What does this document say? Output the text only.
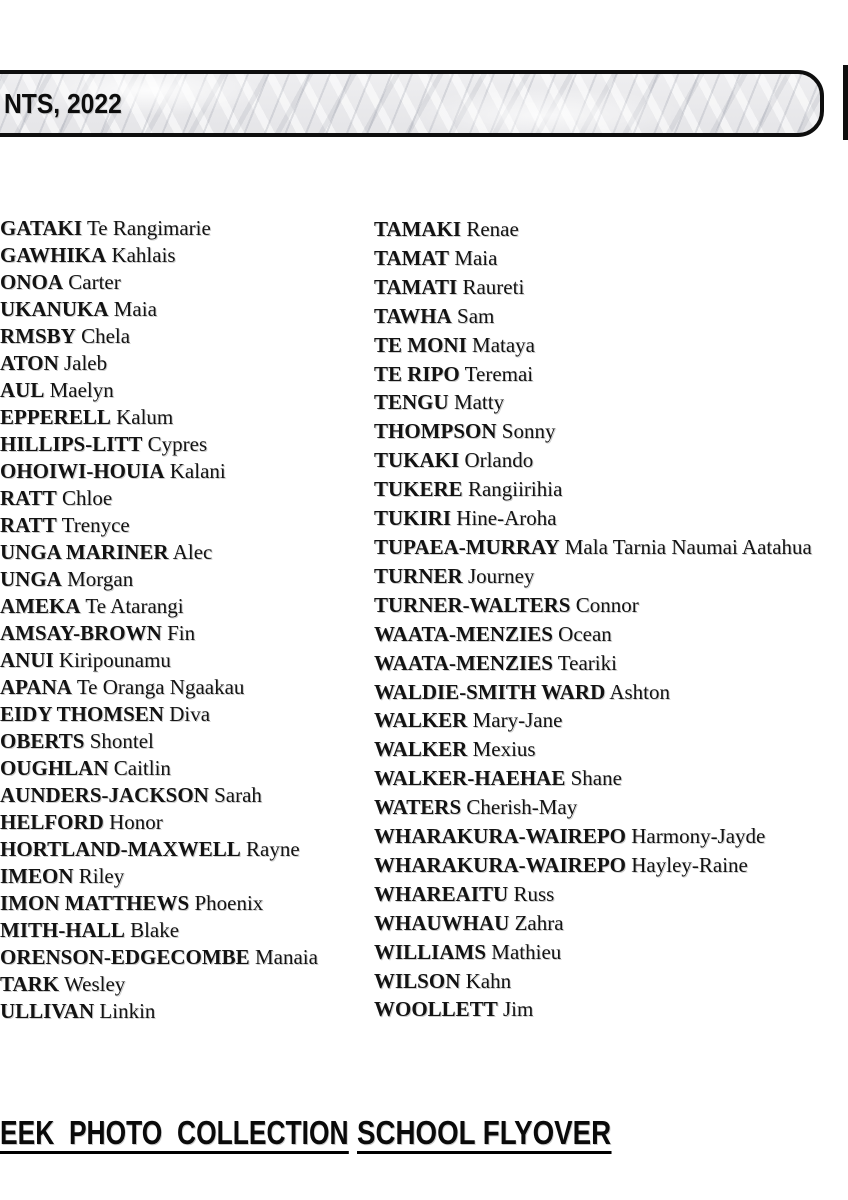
NTS, 2022
GATAKI Te Rangimarie
GAWHIKA Kahlais
ONOA Carter
UKANUKA Maia
RMSBY Chela
ATON Jaleb
AUL Maelyn
EPPERELL Kalum
HILLIPS-LITT Cypres
OHOIWI-HOUIA Kalani
RATT Chloe
RATT Trenyce
UNGA MARINER Alec
UNGA Morgan
AMEKA Te Atarangi
AMSAY-BROWN Fin
ANUI Kiripounamu
APANA Te Oranga Ngaakau
EIDY THOMSEN Diva
OBERTS Shontel
OUGHLAN Caitlin
AUNDERS-JACKSON Sarah
HELFORD Honor
HORTLAND-MAXWELL Rayne
IMEON Riley
IMON MATTHEWS Phoenix
MITH-HALL Blake
ORENSON-EDGECOMBE Manaia
TARK Wesley
ULLIVAN Linkin
TAMAKI Renae
TAMAT Maia
TAMATI Raureti
TAWHA Sam
TE MONI Mataya
TE RIPO Teremai
TENGU Matty
THOMPSON Sonny
TUKAKI Orlando
TUKERE Rangiirihia
TUKIRI Hine-Aroha
TUPAEA-MURRAY Mala Tarnia Naumai Aatahua
TURNER Journey
TURNER-WALTERS Connor
WAATA-MENZIES Ocean
WAATA-MENZIES Teariki
WALDIE-SMITH WARD Ashton
WALKER Mary-Jane
WALKER Mexius
WALKER-HAEHAE Shane
WATERS Cherish-May
WHARAKURA-WAIREPO Harmony-Jayde
WHARAKURA-WAIREPO Hayley-Raine
WHAREAITU Russ
WHAUWHAU Zahra
WILLIAMS Mathieu
WILSON Kahn
WOOLLETT Jim
EEK  PHOTO  COLLECTION SCHOOL FLYOVER
